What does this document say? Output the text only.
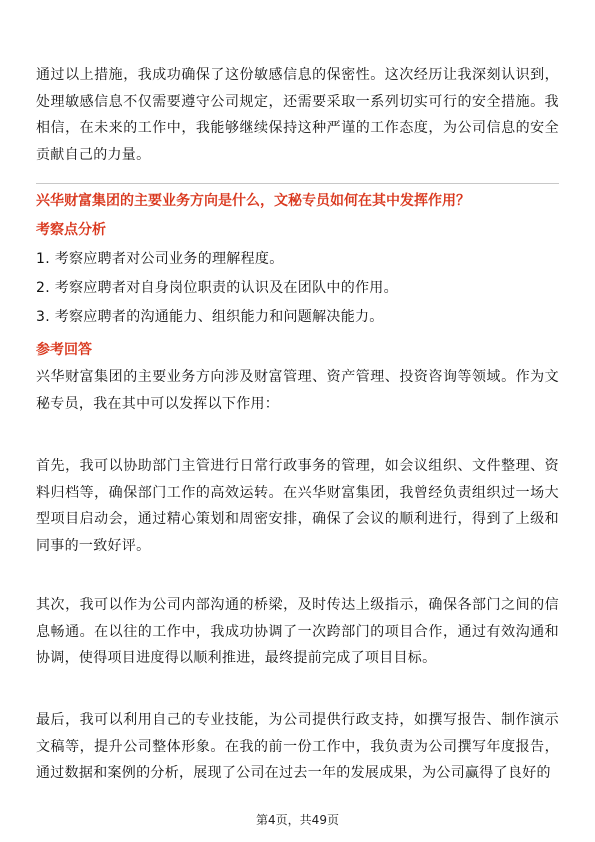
通过以上措施，我成功确保了这份敏感信息的保密性。这次经历让我深刻认识到，处理敏感信息不仅需要遵守公司规定，还需要采取一系列切实可行的安全措施。我相信，在未来的工作中，我能够继续保持这种严谨的工作态度，为公司信息的安全贡献自己的力量。

兴华财富集团的主要业务方向是什么，文秘专员如何在其中发挥作用？

考察点分析

1. 考察应聘者对公司业务的理解程度。
2. 考察应聘者对自身岗位职责的认识及在团队中的作用。
3. 考察应聘者的沟通能力、组织能力和问题解决能力。

参考回答

兴华财富集团的主要业务方向涉及财富管理、资产管理、投资咨询等领域。作为文秘专员，我在其中可以发挥以下作用：

首先，我可以协助部门主管进行日常行政事务的管理，如会议组织、文件整理、资料归档等，确保部门工作的高效运转。在兴华财富集团，我曾经负责组织过一场大型项目启动会，通过精心策划和周密安排，确保了会议的顺利进行，得到了上级和同事的一致好评。

其次，我可以作为公司内部沟通的桥梁，及时传达上级指示，确保各部门之间的信息畅通。在以往的工作中，我成功协调了一次跨部门的项目合作，通过有效沟通和协调，使得项目进度得以顺利推进，最终提前完成了项目目标。

最后，我可以利用自己的专业技能，为公司提供行政支持，如撰写报告、制作演示文稿等，提升公司整体形象。在我的前一份工作中，我负责为公司撰写年度报告，通过数据和案例的分析，展现了公司在过去一年的发展成果，为公司赢得了良好的

第4页，共49页
